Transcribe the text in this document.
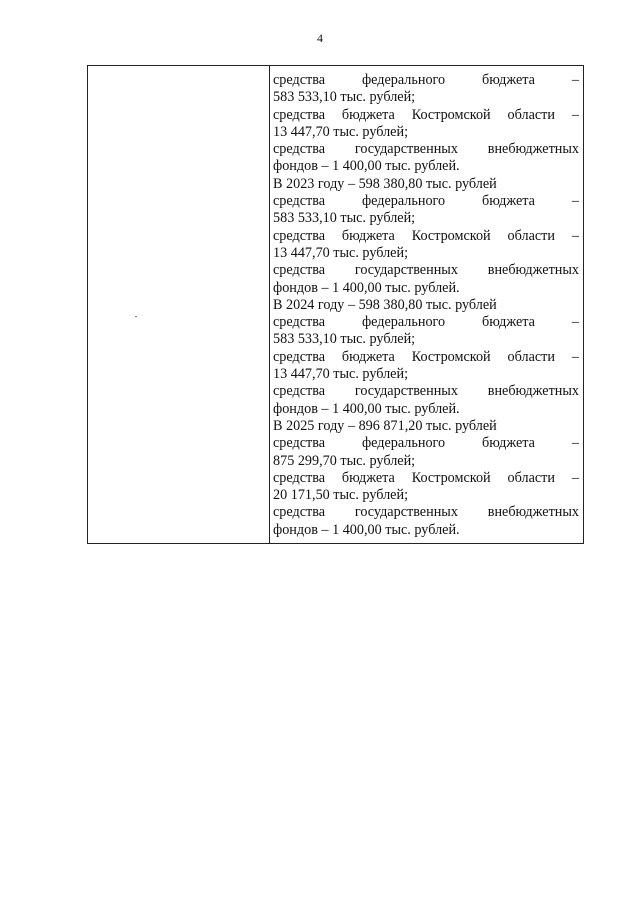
4
средства	федерального	бюджета	–
583 533,10 тыс. рублей;
средства бюджета Костромской области –
13 447,70 тыс. рублей;
средства государственных внебюджетных
фондов – 1 400,00 тыс. рублей.
В 2023 году – 598 380,80 тыс. рублей
средства	федерального	бюджета	–
583 533,10 тыс. рублей;
средства бюджета Костромской области –
13 447,70 тыс. рублей;
средства государственных внебюджетных
фондов – 1 400,00 тыс. рублей.
В 2024 году – 598 380,80 тыс. рублей
средства	федерального	бюджета	–
583 533,10 тыс. рублей;
средства бюджета Костромской области –
13 447,70 тыс. рублей;
средства государственных внебюджетных
фондов – 1 400,00 тыс. рублей.
В 2025 году – 896 871,20 тыс. рублей
средства	федерального	бюджета	–
875 299,70 тыс. рублей;
средства бюджета Костромской области –
20 171,50 тыс. рублей;
средства государственных внебюджетных
фондов – 1 400,00 тыс. рублей.
